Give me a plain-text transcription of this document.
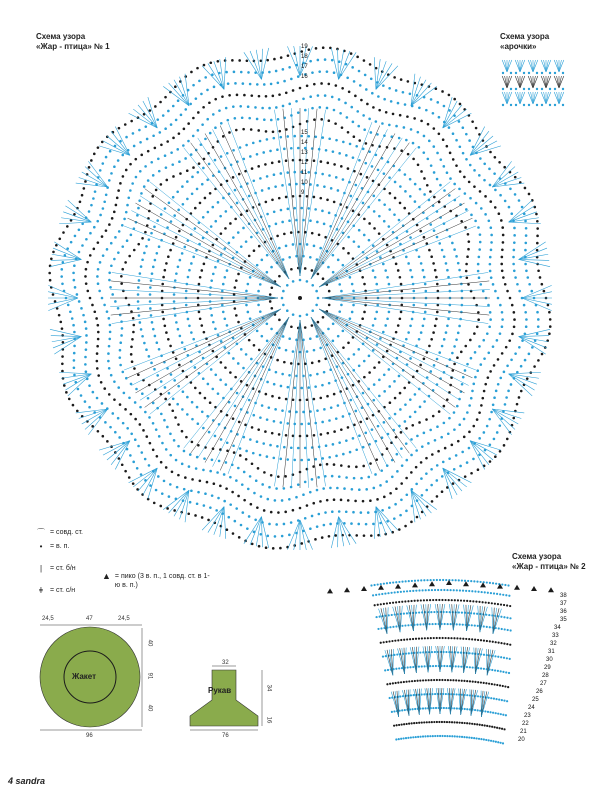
Схема узора
«Жар - птица» № 1
Схема узора
«арочки»
Схема узора
«Жар - птица» № 2
19
18
17
16
15
14
13
12
11
10
9
38
37
36
35
34
33
32
31
30
29
28
27
26
25
24
23
22
21
20
⌒ = совд. ст.
•	= в. п.
|	= ст. б/н
ǂ = ст. с/н
▲ = пико (3 в. п., 1 совд. ст. в 1-ю в. п.)
24,5	47	24,5
40
91
40
96
Жакет
32
34
16
76
Рукав
4 sandra
